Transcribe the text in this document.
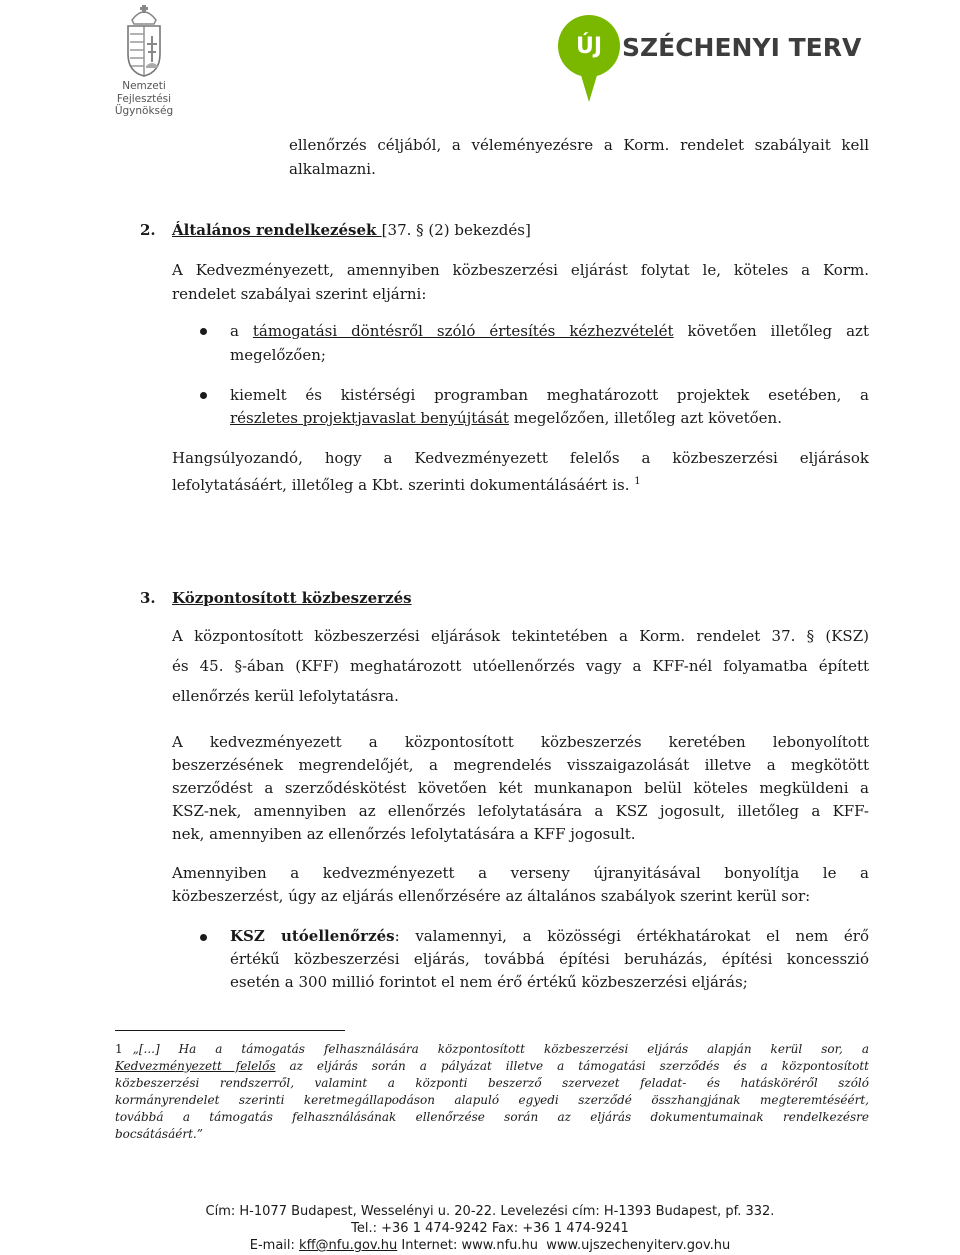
Nemzeti
Fejlesztési Ügynökség
ÚJ SZÉCHENYI TERV

ellenőrzés céljából, a véleményezésre a Korm. rendelet szabályait kell

alkalmazni.

2. Általános rendelkezések [37. § (2) bekezdés]

A Kedvezményezett, amennyiben közbeszerzési eljárást folytat le, köteles a Korm.

rendelet szabályai szerint eljárni:

a támogatási döntésről szóló értesítés kézhezvételét követően illetőleg azt

megelőzően;

kiemelt és kistérségi programban meghatározott projektek esetében, a

részletes projektjavaslat benyújtását megelőzően, illetőleg azt követően.

Hangsúlyozandó, hogy a Kedvezményezett felelős a közbeszerzési eljárások

lefolytatásáért, illetőleg a Kbt. szerinti dokumentálásáért is. $^1$

3. Központosított közbeszerzés

A központosított közbeszerzési eljárások tekintetében a Korm. rendelet 37. § (KSZ)

és 45. §-ában (KFF) meghatározott utóellenőrzés vagy a KFF-nél folyamatba épített

ellenőrzés kerül lefolytatásra.

A kedvezményezett a központosított közbeszerzés keretében lebonyolított

beszerzésének megrendelőjét, a megrendelés visszaigazolását illetve a megkötött

szerződést a szerződéskötést követően két munkanapon belül köteles megküldeni a

KSZ-nek, amennyiben az ellenőrzés lefolytatására a KSZ jogosult, illetőleg a KFF-

nek, amennyiben az ellenőrzés lefolytatására a KFF jogosult.

Amennyiben a kedvezményezett a verseny újranyitásával bonyolítja le a

közbeszerzést, úgy az eljárás ellenőrzésére az általános szabályok szerint kerül sor:

KSZ utóellenőrzés: valamennyi, a közösségi értékhatárokat el nem érő

értékű közbeszerzési eljárás, továbbá építési beruházás, építési koncesszió

esetén a 300 millió forintot el nem érő értékű közbeszerzési eljárás;

1 „[...] Ha a támogatás felhasználására központosított közbeszerzési eljárás alapján kerül sor, a
Kedvezményezett felelős az eljárás során a pályázat illetve a támogatási szerződés és a központosított
közbeszerzési rendszerről, valamint a központi beszerző szervezet feladat- és hatásköréről szóló
kormányrendelet szerinti keretmegállapodáson alapuló egyedi szerződé összhangjának megteremtéséért,
továbbá a támogatás felhasználásának ellenőrzése során az eljárás dokumentumainak rendelkezésre
bocsátásáért.”
Cím: H-1077 Budapest, Wesselényi u. 20-22. Levelezési cím: H-1393 Budapest, pf. 332.
Tel.: +36 1 474-9242 Fax: +36 1 474-9241
E-mail: kff@nfu.gov.hu Internet: www.nfu.hu  www.ujszechenyiterv.gov.hu
